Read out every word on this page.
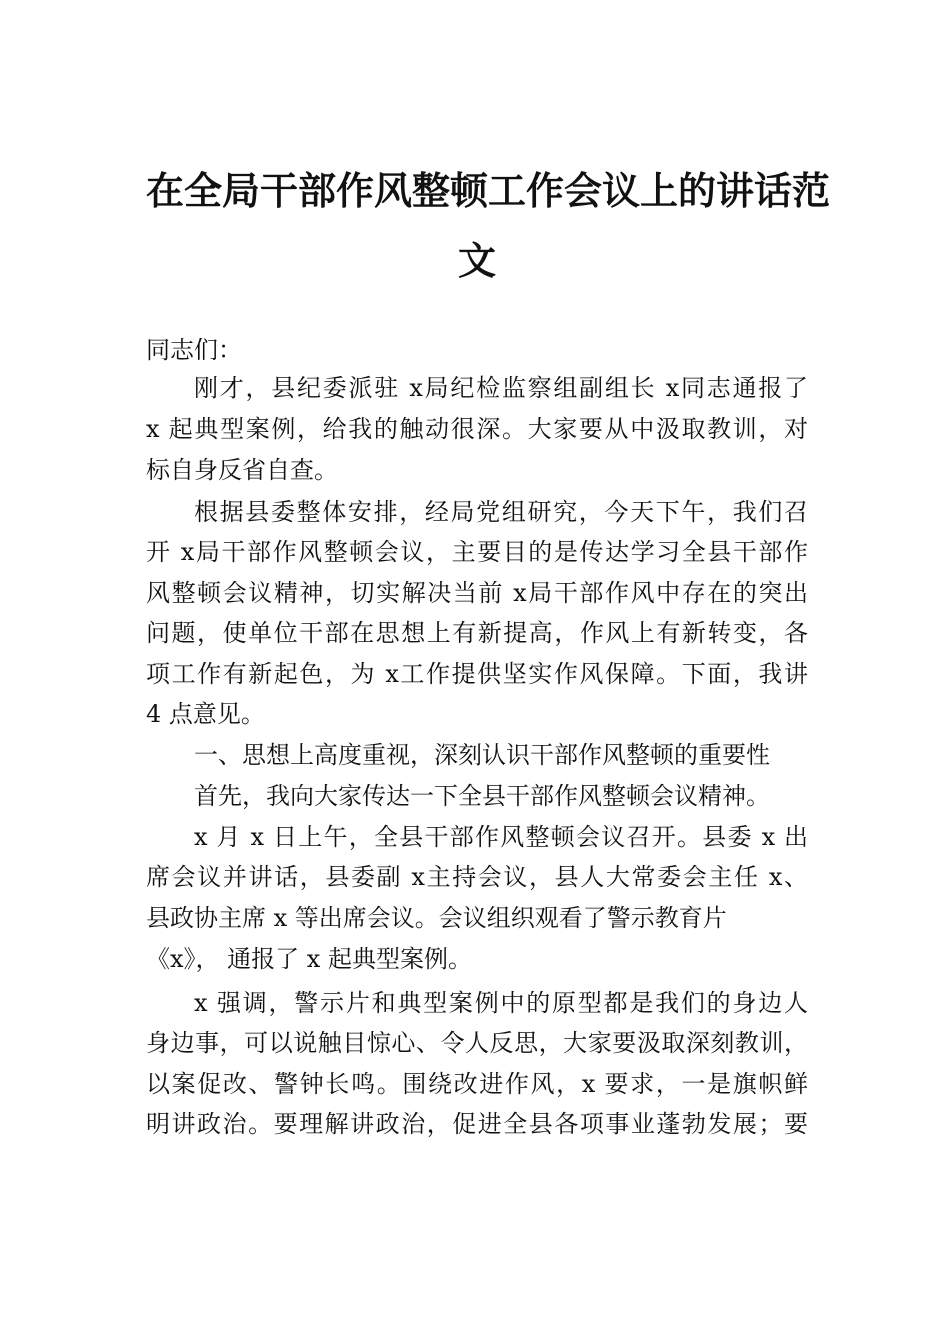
在全局干部作风整顿工作会议上的讲话范
文
同志们：
刚才，县纪委派驻 x局纪检监察组副组长 x同志通报了
x 起典型案例，给我的触动很深。大家要从中汲取教训，对
标自身反省自查。
根据县委整体安排，经局党组研究，今天下午，我们召
开 x局干部作风整顿会议，主要目的是传达学习全县干部作
风整顿会议精神，切实解决当前 x局干部作风中存在的突出
问题，使单位干部在思想上有新提高，作风上有新转变，各
项工作有新起色，为 x工作提供坚实作风保障。下面，我讲
4 点意见。
一、思想上高度重视，深刻认识干部作风整顿的重要性
首先，我向大家传达一下全县干部作风整顿会议精神。
x 月 x 日上午，全县干部作风整顿会议召开。县委 x 出
席会议并讲话，县委副 x主持会议，县人大常委会主任 x、
县政协主席 x 等出席会议。会议组织观看了警示教育片
《x》， 通报了 x 起典型案例。
x 强调，警示片和典型案例中的原型都是我们的身边人
身边事，可以说触目惊心、令人反思，大家要汲取深刻教训，
以案促改、警钟长鸣。围绕改进作风，x 要求，一是旗帜鲜
明讲政治。要理解讲政治，促进全县各项事业蓬勃发展；要
